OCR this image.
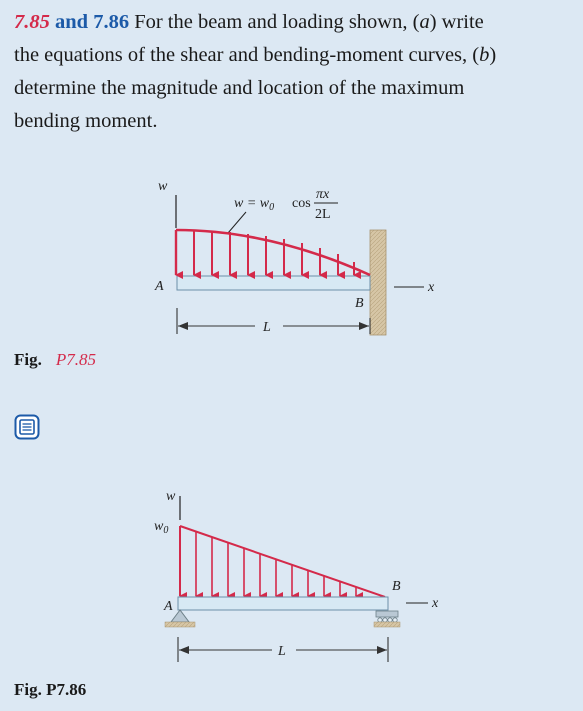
7.85 and 7.86 For the beam and loading shown, (a) write
the equations of the shear and bending-moment curves, (b)
determine the magnitude and location of the maximum
bending moment.
w
$w = w_0$ cos
πx
2L
A
B
x
L
w
$w_0$
A
B
x
L
Fig. P7.85
Fig. P7.86
